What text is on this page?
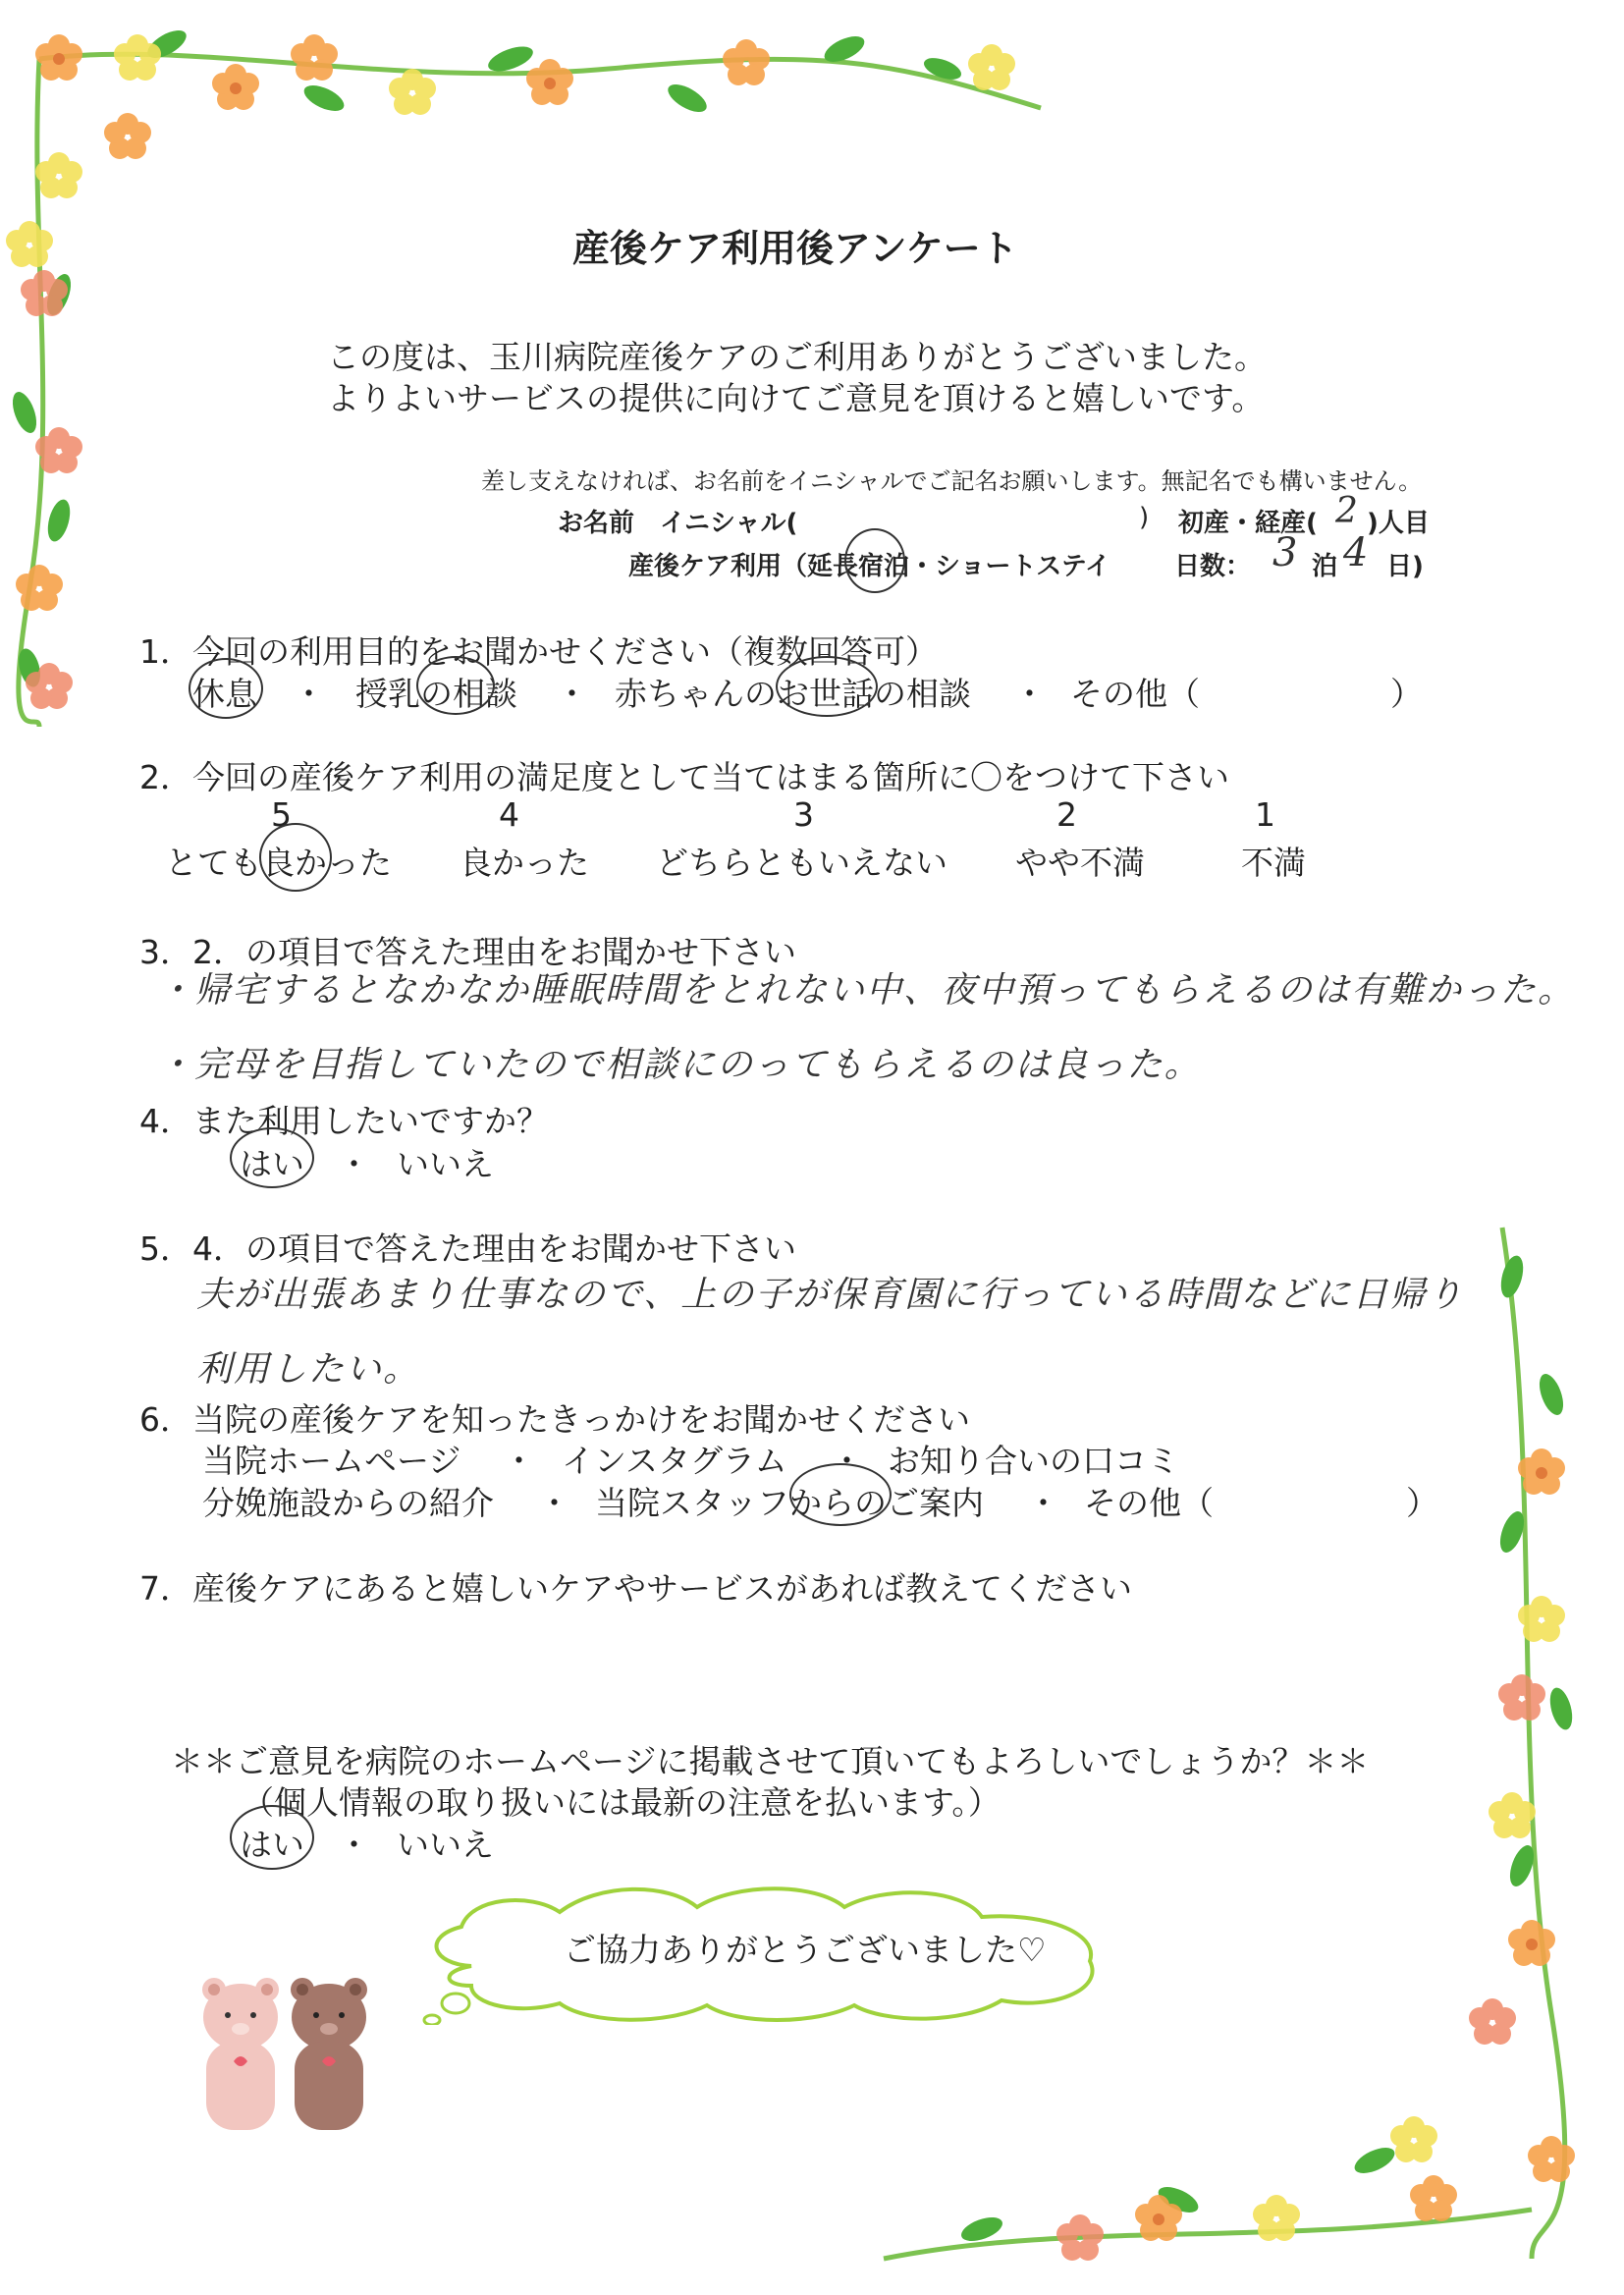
産後ケア利用後アンケート
この度は、玉川病院産後ケアのご利用ありがとうございました。
よりよいサービスの提供に向けてご意見を頂けると嬉しいです。
差し支えなければ、お名前をイニシャルでご記名お願いします。無記名でも構いません。
お名前　イニシャル(	) 初産・経産( 2 )人目
産後ケア利用（延長宿泊・ショートステイ	日数： 3 泊 4 日)
1．今回の利用目的をお聞かせください（複数回答可）
休息 ・ 授乳の相談 ・ 赤ちゃんのお世話の相談 ・ その他（	）
2．今回の産後ケア利用の満足度として当てはまる箇所に〇をつけて下さい
5	4	3	2	1
とても良かった 良かった どちらともいえない やや不満	不満
3．2．の項目で答えた理由をお聞かせ下さい
・帰宅するとなかなか睡眠時間をとれない中、夜中預ってもらえるのは有難かった。
・完母を目指していたので相談にのってもらえるのは良った。
4．また利用したいですか？
はい ・ いいえ
5．4．の項目で答えた理由をお聞かせ下さい
夫が出張あまり仕事なので、上の子が保育園に行っている時間などに日帰り
利用したい。
6．当院の産後ケアを知ったきっかけをお聞かせください
当院ホームページ ・ インスタグラム ・ お知り合いの口コミ
分娩施設からの紹介 ・ 当院スタッフからのご案内 ・ その他（	）
7．産後ケアにあると嬉しいケアやサービスがあれば教えてください
＊＊ご意見を病院のホームページに掲載させて頂いてもよろしいでしょうか？＊＊
（個人情報の取り扱いには最新の注意を払います。）
はい ・ いいえ
ご協力ありがとうございました♡
